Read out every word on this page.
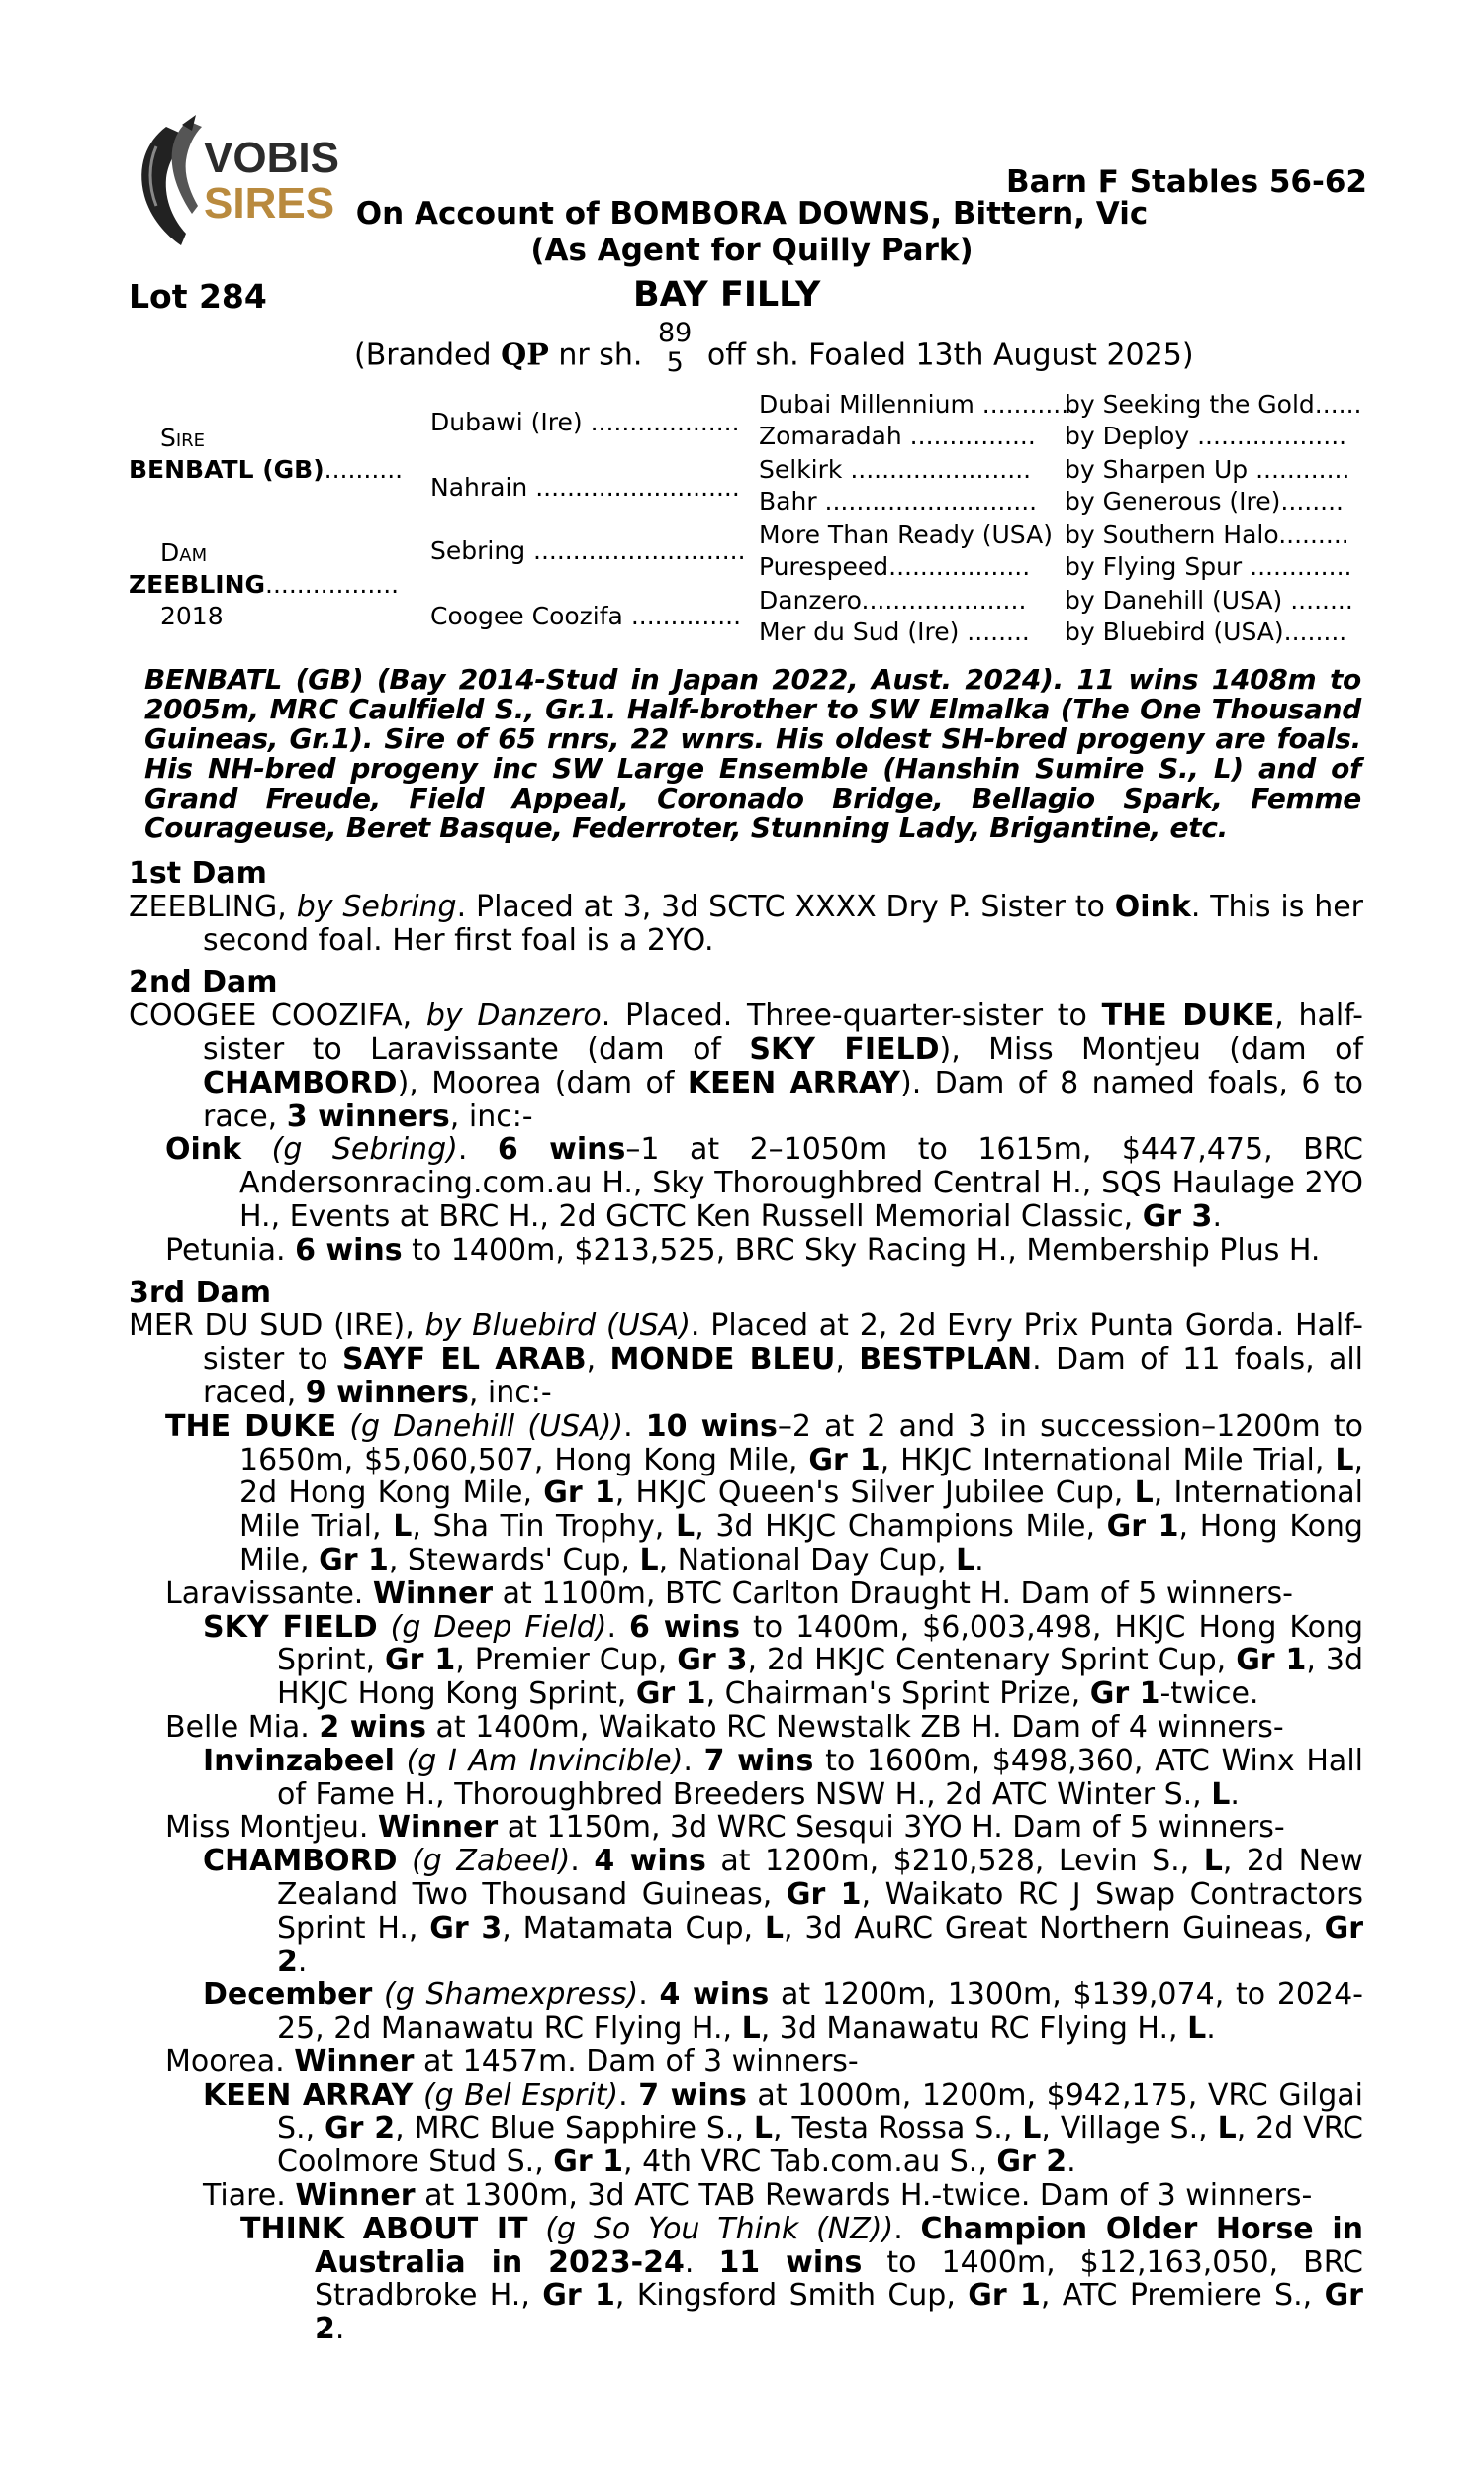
VOBIS
SIRES	Barn F Stables 56-62
On Account of BOMBORA DOWNS, Bittern, Vic
(As Agent for Quilly Park)
Lot 284	BAY FILLY
(Branded QP nr sh.
89
5 off sh. Foaled 13th August 2025)
Sire
BENBATL (GB)..........
Dam
ZEEBLING.................
2018
Dubawi (Ire) ...................
Nahrain ..........................
Sebring ...........................
Coogee Coozifa ..............
Dubai Millennium ............
Zomaradah ................
Selkirk .......................
Bahr ...........................
More Than Ready (USA)
Purespeed..................
Danzero.....................
Mer du Sud (Ire) ........
by Seeking the Gold......
by Deploy ...................
by Sharpen Up ............
by Generous (Ire)........
by Southern Halo.........
by Flying Spur .............
by Danehill (USA) ........
by Bluebird (USA)........
BENBATL (GB) (Bay 2014-Stud in Japan 2022, Aust. 2024). 11 wins 1408m to 2005m, MRC Caulfield S., Gr.1. Half-brother to SW Elmalka (The One Thousand Guineas, Gr.1). Sire of 65 rnrs, 22 wnrs. His oldest SH-bred progeny are foals. His NH-bred progeny inc SW Large Ensemble (Hanshin Sumire S., L) and of Grand Freude, Field Appeal, Coronado Bridge, Bellagio Spark, Femme Courageuse, Beret Basque, Federroter, Stunning Lady, Brigantine, etc.

1st Dam

ZEEBLING, by Sebring. Placed at 3, 3d SCTC XXXX Dry P. Sister to Oink. This is her second foal. Her first foal is a 2YO.

2nd Dam

COOGEE COOZIFA, by Danzero. Placed. Three-quarter-sister to THE DUKE, half-sister to Laravissante (dam of SKY FIELD), Miss Montjeu (dam of CHAMBORD), Moorea (dam of KEEN ARRAY). Dam of 8 named foals, 6 to race, 3 winners, inc:-

Oink (g Sebring). 6 wins–1 at 2–1050m to 1615m, $447,475, BRC Andersonracing.com.au H., Sky Thoroughbred Central H., SQS Haulage 2YO H., Events at BRC H., 2d GCTC Ken Russell Memorial Classic, Gr 3.

Petunia. 6 wins to 1400m, $213,525, BRC Sky Racing H., Membership Plus H.

3rd Dam

MER DU SUD (IRE), by Bluebird (USA). Placed at 2, 2d Evry Prix Punta Gorda. Half-sister to SAYF EL ARAB, MONDE BLEU, BESTPLAN. Dam of 11 foals, all raced, 9 winners, inc:-

THE DUKE (g Danehill (USA)). 10 wins–2 at 2 and 3 in succession–1200m to 1650m, $5,060,507, Hong Kong Mile, Gr 1, HKJC International Mile Trial, L, 2d Hong Kong Mile, Gr 1, HKJC Queen's Silver Jubilee Cup, L, International Mile Trial, L, Sha Tin Trophy, L, 3d HKJC Champions Mile, Gr 1, Hong Kong Mile, Gr 1, Stewards' Cup, L, National Day Cup, L.

Laravissante. Winner at 1100m, BTC Carlton Draught H. Dam of 5 winners-

SKY FIELD (g Deep Field). 6 wins to 1400m, $6,003,498, HKJC Hong Kong Sprint, Gr 1, Premier Cup, Gr 3, 2d HKJC Centenary Sprint Cup, Gr 1, 3d HKJC Hong Kong Sprint, Gr 1, Chairman's Sprint Prize, Gr 1-twice.

Belle Mia. 2 wins at 1400m, Waikato RC Newstalk ZB H. Dam of 4 winners-

Invinzabeel (g I Am Invincible). 7 wins to 1600m, $498,360, ATC Winx Hall of Fame H., Thoroughbred Breeders NSW H., 2d ATC Winter S., L.

Miss Montjeu. Winner at 1150m, 3d WRC Sesqui 3YO H. Dam of 5 winners-

CHAMBORD (g Zabeel). 4 wins at 1200m, $210,528, Levin S., L, 2d New Zealand Two Thousand Guineas, Gr 1, Waikato RC J Swap Contractors Sprint H., Gr 3, Matamata Cup, L, 3d AuRC Great Northern Guineas, Gr 2.

December (g Shamexpress). 4 wins at 1200m, 1300m, $139,074, to 2024-25, 2d Manawatu RC Flying H., L, 3d Manawatu RC Flying H., L.

Moorea. Winner at 1457m. Dam of 3 winners-

KEEN ARRAY (g Bel Esprit). 7 wins at 1000m, 1200m, $942,175, VRC Gilgai S., Gr 2, MRC Blue Sapphire S., L, Testa Rossa S., L, Village S., L, 2d VRC Coolmore Stud S., Gr 1, 4th VRC Tab.com.au S., Gr 2.

Tiare. Winner at 1300m, 3d ATC TAB Rewards H.-twice. Dam of 3 winners-

THINK ABOUT IT (g So You Think (NZ)). Champion Older Horse in Australia in 2023-24. 11 wins to 1400m, $12,163,050, BRC Stradbroke H., Gr 1, Kingsford Smith Cup, Gr 1, ATC Premiere S., Gr 2.
